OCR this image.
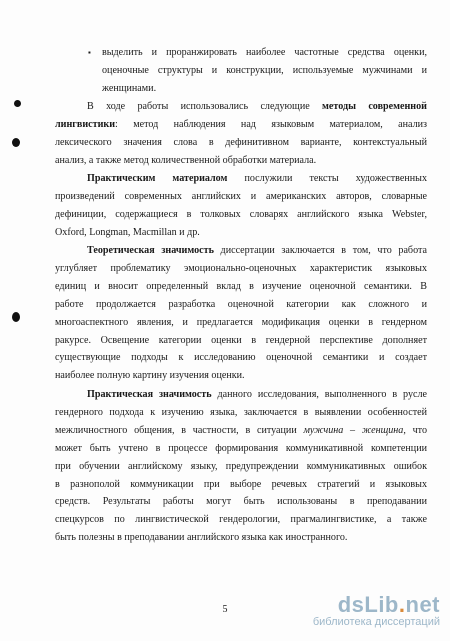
▪ выделить и проранжировать наиболее частотные средства оценки,
оценочные структуры и конструкции, используемые мужчинами и
женщинами.
В ходе работы использовались следующие методы современной
лингвистики: метод наблюдения над языковым материалом, анализ
лексического значения слова в дефинитивном варианте, контекстуальный
анализ, а также метод количественной обработки материала.
Практическим материалом послужили тексты художественных
произведений современных английских и американских авторов, словарные
дефиниции, содержащиеся в толковых словарях английского языка Webster,
Oxford, Longman, Macmillan и др.
Теоретическая значимость диссертации заключается в том, что работа
углубляет проблематику эмоционально-оценочных характеристик языковых
единиц и вносит определенный вклад в изучение оценочной семантики. В
работе продолжается разработка оценочной категории как сложного и
многоаспектного явления, и предлагается модификация оценки в гендерном
ракурсе. Освещение категории оценки в гендерной перспективе дополняет
существующие подходы к исследованию оценочной семантики и создает
наиболее полную картину изучения оценки.
Практическая значимость данного исследования, выполненного в русле
гендерного подхода к изучению языка, заключается в выявлении особенностей
межличностного общения, в частности, в ситуации мужчина – женщина, что
может быть учтено в процессе формирования коммуникативной компетенции
при обучении английскому языку, предупреждении коммуникативных ошибок
в разнополой коммуникации при выборе речевых стратегий и языковых
средств. Результаты работы могут быть использованы в преподавании
спецкурсов по лингвистической гендерологии, прагмалингвистике, а также
быть полезны в преподавании английского языка как иностранного.
5	dsLib.net
библиотека диссертаций
